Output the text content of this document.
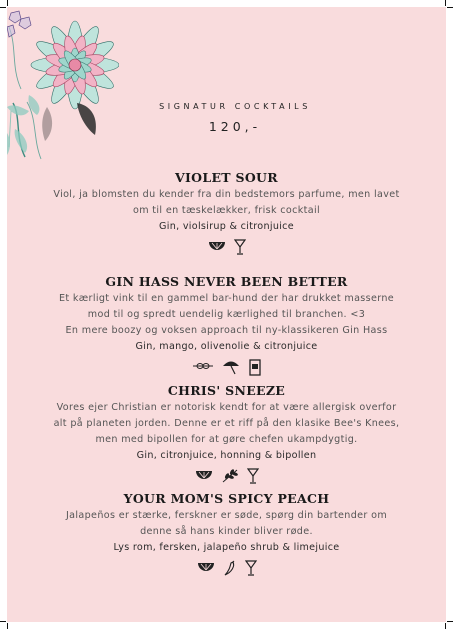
SIGNATUR COCKTAILS
120,-
VIOLET SOUR
Viol, ja blomsten du kender fra din bedstemors parfume, men lavet
om til en tæskelækker, frisk cocktail
Gin, violsirup & citronjuice
GIN HASS NEVER BEEN BETTER
Et kærligt vink til en gammel bar-hund der har drukket masserne
mod til og spredt uendelig kærlighed til branchen. <3
En mere boozy og voksen approach til ny-klassikeren Gin Hass
Gin, mango, olivenolie & citronjuice
CHRIS' SNEEZE
Vores ejer Christian er notorisk kendt for at være allergisk overfor
alt på planeten jorden. Denne er et riff på den klasike Bee's Knees,
men med bipollen for at gøre chefen ukampdygtig.
Gin, citronjuice, honning & bipollen
YOUR MOM'S SPICY PEACH
Jalapeños er stærke, ferskner er søde, spørg din bartender om
denne så hans kinder bliver røde.
Lys rom, fersken, jalapeño shrub & limejuice
